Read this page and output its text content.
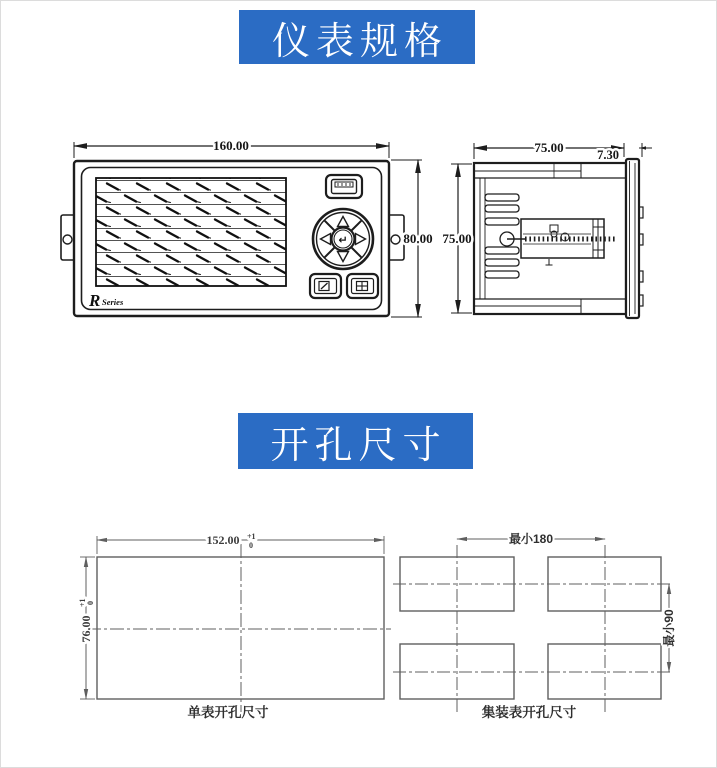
仪表规格
R Series
↵
160.00
80.00
75.00	7.30
75.00
开孔尺寸
152.00 +1
0
76.00
+1 0
单表开孔尺寸
最小180
最小90
集装表开孔尺寸
